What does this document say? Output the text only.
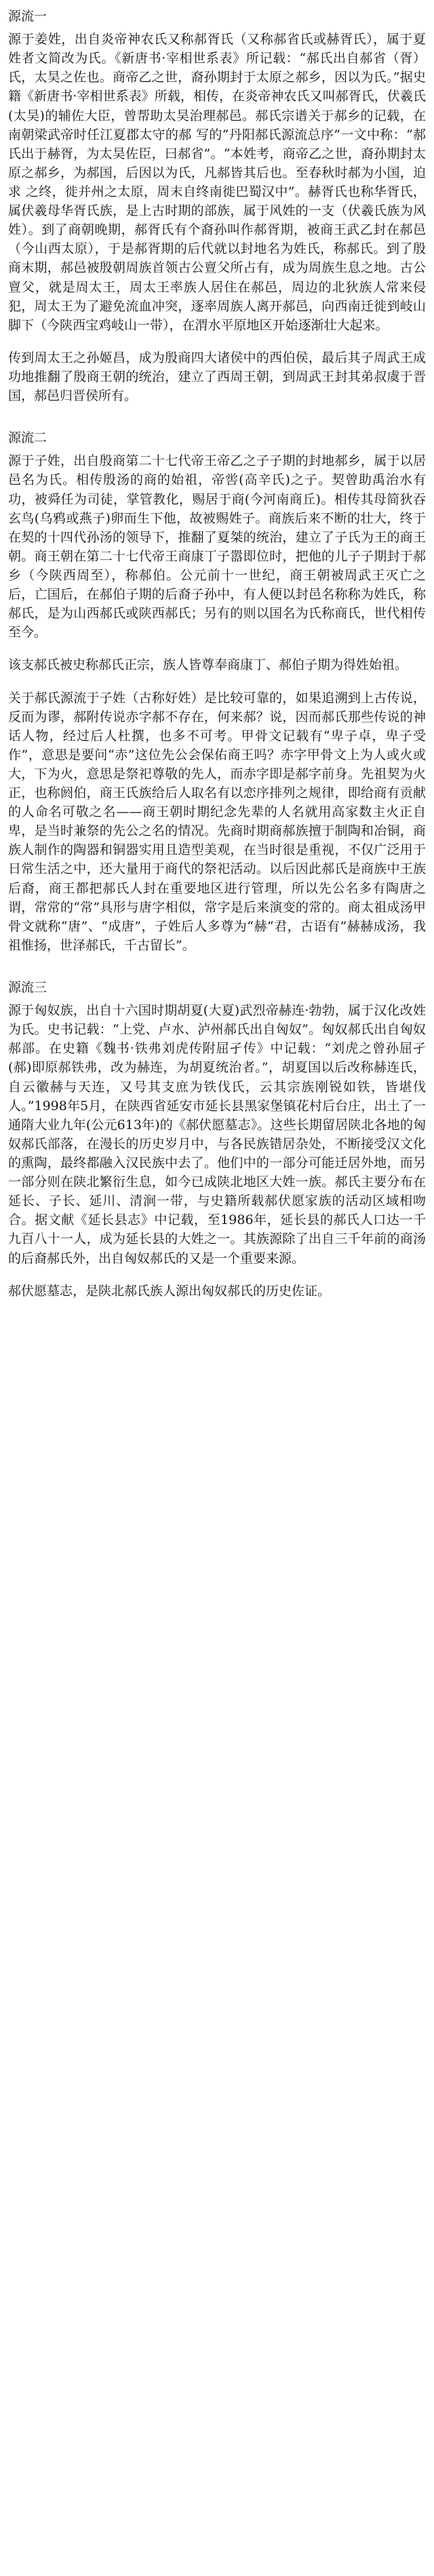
源流一

源于姜姓，出自炎帝神农氏又称郝胥氏（又称郝省氏或赫胥氏），属于夏姓者文简改为氏。《新唐书·宰相世系表》所记载：“郝氏出自郝省（胥）氏，太昊之佐也。商帝乙之世，裔孙期封于太原之郝乡，因以为氏。”据史籍《新唐书·宰相世系表》所载，相传，在炎帝神农氏又叫郝胥氏，伏羲氏(太昊)的辅佐大臣，曾帮助太昊治理郝邑。郝氏宗谱关于郝乡的记载，在南朝梁武帝时任江夏郡太守的郝 写的“丹阳郝氏源流总序”一文中称：“郝氏出于赫胥，为太昊佐臣，曰郝省”。“本姓考，商帝乙之世，裔孙期封太原之郝乡，为郝国，后因以为氏，凡郝皆其后也。至春秋时郝为小国，迫求 之终，徙并州之太原，周末自终南徙巴蜀汉中”。赫胥氏也称华胥氏，属伏羲母华胥氏族，是上古时期的部族，属于风姓的一支（伏羲氏族为风姓）。到了商朝晚期，郝胥氏有个裔孙叫作郝胥期，被商王武乙封在郝邑（今山西太原），于是郝胥期的后代就以封地名为姓氏，称郝氏。到了殷商末期，郝邑被殷朝周族首领古公亶父所占有，成为周族生息之地。古公亶父，就是周太王，周太王率族人居住在郝邑，周边的北狄族人常来侵犯，周太王为了避免流血冲突，逐率周族人离开郝邑，向西南迁徙到岐山脚下（今陕西宝鸡岐山一带），在渭水平原地区开始逐渐壮大起来。

传到周太王之孙姬昌，成为殷商四大诸侯中的西伯侯，最后其子周武王成功地推翻了殷商王朝的统治，建立了西周王朝，到周武王封其弟叔虞于晋国，郝邑归晋侯所有。

源流二

源于子姓，出自殷商第二十七代帝王帝乙之子子期的封地郝乡，属于以居邑名为氏。相传殷汤的商的始祖，帝喾(高辛氏)之子。契曾助禹治水有功，被舜任为司徒，掌管教化，赐居于商(今河南商丘)。相传其母简狄吞玄鸟(乌鸦或燕子)卵而生下他，故被赐姓子。商族后来不断的壮大，终于在契的十四代孙汤的领导下，推翻了夏桀的统治，建立了子氏为王的商王朝。商王朝在第二十七代帝王商康丁子嚣即位时，把他的儿子子期封于郝乡（今陕西周至），称郝伯。公元前十一世纪，商王朝被周武王灭亡之后，亡国后，在郝伯子期的后裔子孙中，有人便以封邑名称称为姓氏，称郝氏，是为山西郝氏或陕西郝氏；另有的则以国名为氏称商氏，世代相传至今。

该支郝氏被史称郝氏正宗，族人皆尊奉商康丁、郝伯子期为得姓始祖。

关于郝氏源流于子姓（古称好姓）是比较可靠的，如果追溯到上古传说，反而为谬，郝附传说赤字郝不存在，何来郝？说，因而郝氏那些传说的神话人物，经过后人杜撰，也多不可考。甲骨文记载有“卑子卓，卑子受作”，意思是要问“赤”这位先公会保佑商王吗？赤字甲骨文上为人或火或大，下为火，意思是祭祀尊敬的先人，而赤字即是郝字前身。先祖契为火正，也称阏伯，商王氏族给后人取名有以恋序排列之规律，即给商有贡献的人命名可敬之名——商王朝时期纪念先辈的人名就用高家数主火正自卑，是当时兼祭的先公之名的情况。先商时期商郝族擅于制陶和冶铜，商族人制作的陶器和铜器实用且造型美观，在当时很是重视，不仅广泛用于日常生活之中，还大量用于商代的祭祀活动。以后因此郝氏是商族中王族后裔，商王都把郝氏人封在重要地区进行管理，所以先公名多有陶唐之谓，常常的“常”具形与唐字相似，常字是后来演变的常的。商太祖成汤甲骨文就称“唐”、“成唐”，子姓后人多尊为“赫“君，古语有”赫赫成汤，我祖惟扬，世泽郝氏，千古留长”。

源流三

源于匈奴族，出自十六国时期胡夏(大夏)武烈帝赫连·勃勃，属于汉化改姓为氏。史书记载：“上党、卢水、泸州郝氏出自匈奴”。匈奴郝氏出自匈奴郝部。在史籍《魏书·铁弗刘虎传附屈孑传》中记载：“刘虎之曾孙屈孑(郝)即原郝铁弗，改为赫连，为胡夏统治者。”，胡夏国以后改称赫连氏，自云徽赫与天连，又号其支庶为铁伐氏，云其宗族刚锐如铁，皆堪伐人。”1998年5月，在陕西省延安市延长县黑家堡镇花村后台庄，出土了一通隋大业九年(公元613年)的《郝伏愿墓志》。这些长期留居陕北各地的匈奴郝氏部落，在漫长的历史岁月中，与各民族错居杂处，不断接受汉文化的熏陶，最终都融入汉民族中去了。他们中的一部分可能迁居外地，而另一部分则在陕北繁衍生息，如今已成陕北地区大姓一族。郝氏主要分布在延长、子长、延川、清涧一带，与史籍所载郝伏愿家族的活动区域相吻合。据文献《延长县志》中记载，至1986年，延长县的郝氏人口达一千九百八十一人，成为延长县的大姓之一。其族源除了出自三千年前的商汤的后裔郝氏外，出自匈奴郝氏的又是一个重要来源。

郝伏愿墓志，是陕北郝氏族人源出匈奴郝氏的历史佐证。
